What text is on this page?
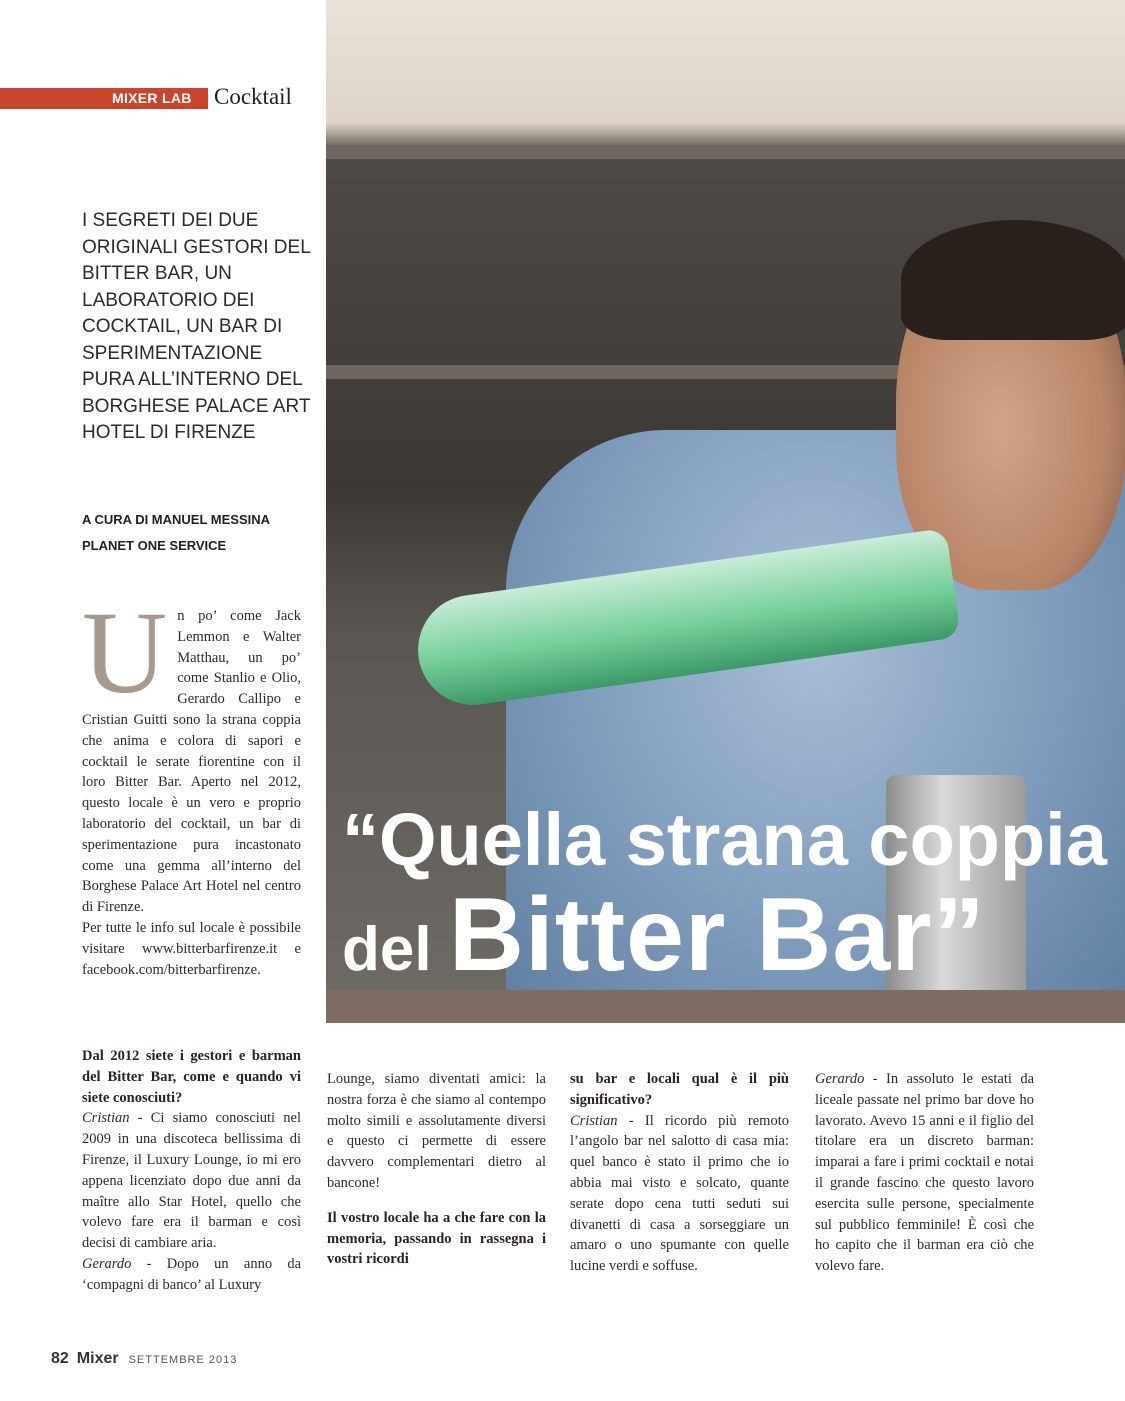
MIXER LAB Cocktail

I SEGRETI DEI DUE ORIGINALI GESTORI DEL BITTER BAR, UN LABORATORIO DEI COCKTAIL, UN BAR DI SPERIMENTAZIONE PURA ALL’INTERNO DEL BORGHESE PALACE ART HOTEL DI FIRENZE

A CURA DI MANUEL MESSINA
PLANET ONE SERVICE
“Quella strana coppia
del Bitter Bar”
Un po’ come Jack Lemmon e Walter Matthau, un po’ come Stanlio e Olio, Gerardo Callipo e Cristian Guitti sono la strana coppia che anima e colora di sapori e cocktail le serate fiorentine con il loro Bitter Bar. Aperto nel 2012, questo locale è un vero e proprio laboratorio del cocktail, un bar di sperimentazione pura incastonato come una gemma all’interno del Borghese Palace Art Hotel nel centro di Firenze.
Per tutte le info sul locale è possibile visitare www.bitterbarfirenze.it e facebook.com/bitterbarfirenze.

Dal 2012 siete i gestori e barman del Bitter Bar, come e quando vi siete conosciuti?

Cristian - Ci siamo conosciuti nel 2009 in una discoteca bellissima di Firenze, il Luxury Lounge, io mi ero appena licenziato dopo due anni da maître allo Star Hotel, quello che volevo fare era il barman e così decisi di cambiare aria.

Gerardo - Dopo un anno da ‘compagni di banco’ al Luxury

Lounge, siamo diventati amici: la nostra forza è che siamo al contempo molto simili e assolutamente diversi e questo ci permette di essere davvero complementari dietro al bancone!

Il vostro locale ha a che fare con la memoria, passando in rassegna i vostri ricordi

su bar e locali qual è il più significativo?

Cristian - Il ricordo più remoto l’angolo bar nel salotto di casa mia: quel banco è stato il primo che io abbia mai visto e solcato, quante serate dopo cena tutti seduti sui divanetti di casa a sorseggiare un amaro o uno spumante con quelle lucine verdi e soffuse.

Gerardo - In assoluto le estati da liceale passate nel primo bar dove ho lavorato. Avevo 15 anni e il figlio del titolare era un discreto barman: imparai a fare i primi cocktail e notai il grande fascino che questo lavoro esercita sulle persone, specialmente sul pubblico femminile! È così che ho capito che il barman era ciò che volevo fare.

82 Mixer SETTEMBRE 2013
